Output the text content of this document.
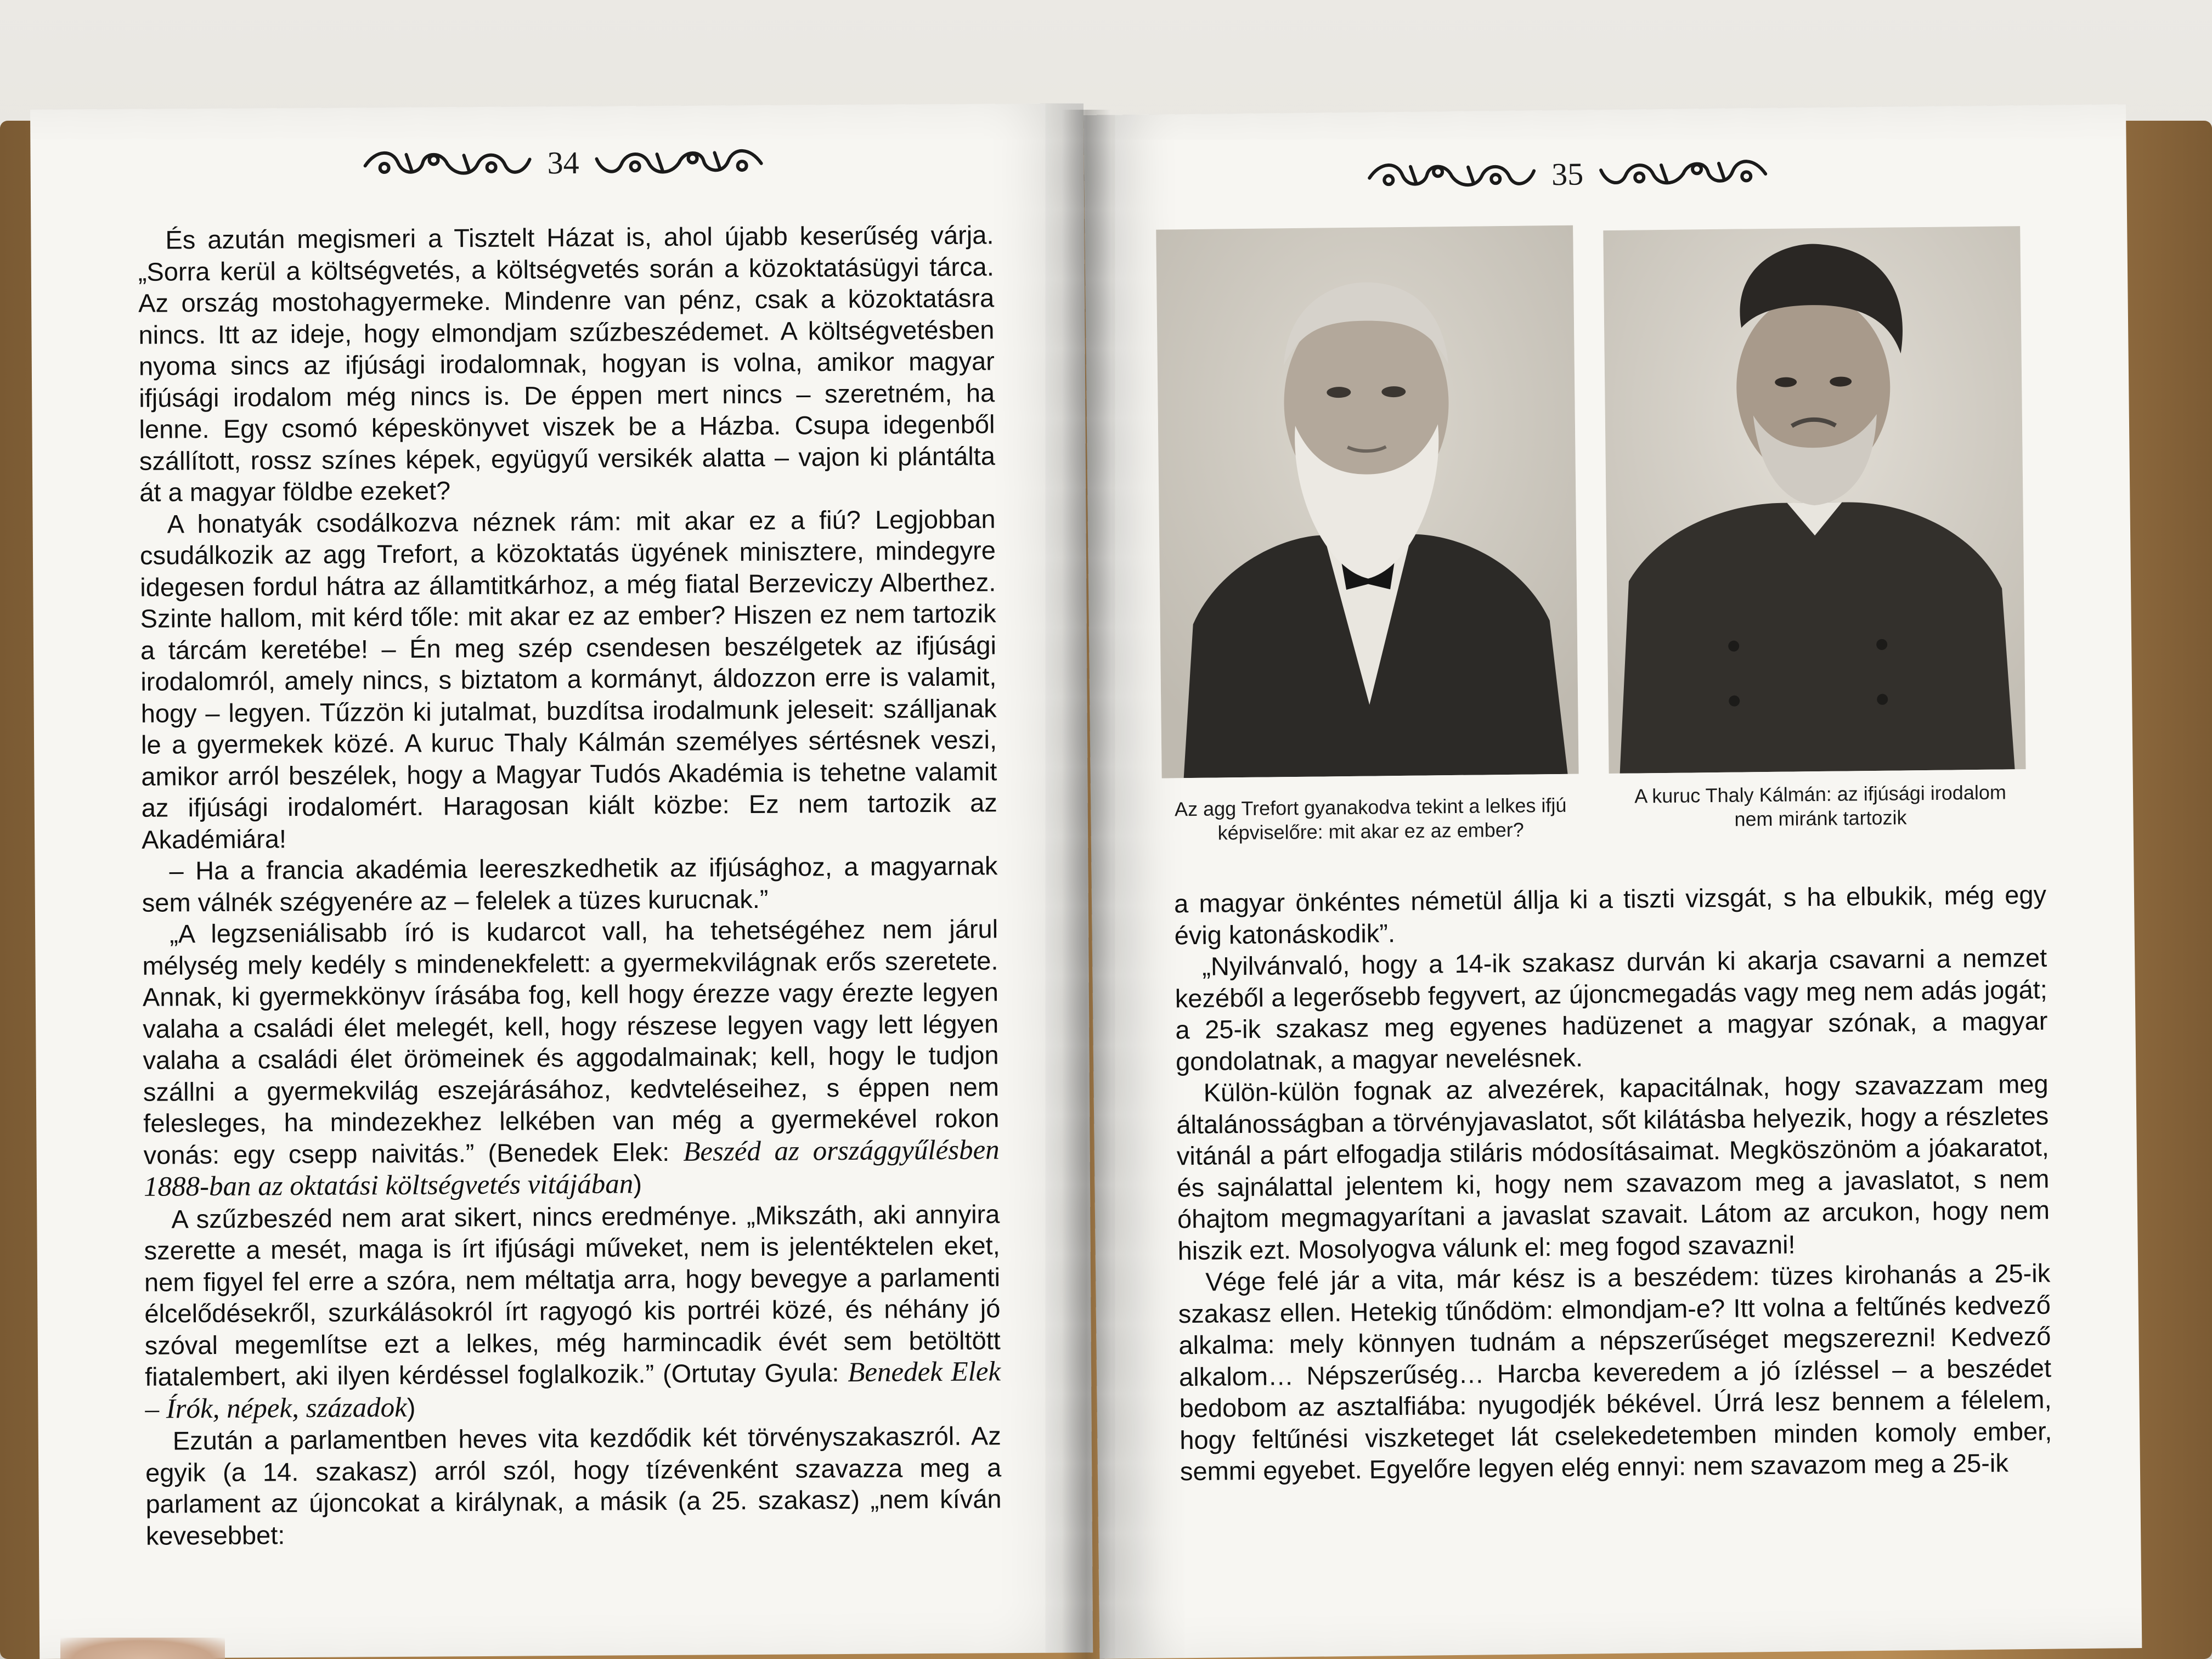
34

És azután megismeri a Tisztelt Házat is, ahol újabb keserűség várja. „Sorra kerül a költségvetés, a költségvetés során a közoktatásügyi tárca. Az ország mostohagyermeke. Mindenre van pénz, csak a közoktatásra nincs. Itt az ideje, hogy elmondjam szűzbeszédemet. A költségvetésben nyoma sincs az ifjúsági irodalomnak, hogyan is volna, amikor magyar ifjúsági irodalom még nincs is. De éppen mert nincs – szeretném, ha lenne. Egy csomó képeskönyvet viszek be a Házba. Csupa idegenből szállított, rossz színes képek, együgyű versikék alatta – vajon ki plántálta át a magyar földbe ezeket?

A honatyák csodálkozva néznek rám: mit akar ez a fiú? Legjobban csudálkozik az agg Trefort, a közoktatás ügyének minisztere, mindegyre idegesen fordul hátra az államtitkárhoz, a még fiatal Berzeviczy Alberthez. Szinte hallom, mit kérd tőle: mit akar ez az ember? Hiszen ez nem tartozik a tárcám keretébe! – Én meg szép csendesen beszélgetek az ifjúsági irodalomról, amely nincs, s biztatom a kormányt, áldozzon erre is valamit, hogy – legyen. Tűzzön ki jutalmat, buzdítsa irodalmunk jeleseit: szálljanak le a gyermekek közé. A kuruc Thaly Kálmán személyes sértésnek veszi, amikor arról beszélek, hogy a Magyar Tudós Akadémia is tehetne valamit az ifjúsági irodalomért. Haragosan kiált közbe: Ez nem tartozik az Akadémiára!

– Ha a francia akadémia leereszkedhetik az ifjúsághoz, a magyarnak sem válnék szégyenére az – felelek a tüzes kurucnak.”

„A legzseniálisabb író is kudarcot vall, ha tehetségéhez nem járul mélység mely kedély s mindenekfelett: a gyermekvilágnak erős szeretete. Annak, ki gyermekkönyv írásába fog, kell hogy érezze vagy érezte legyen valaha a családi élet melegét, kell, hogy részese legyen vagy lett légyen valaha a családi élet örömeinek és aggodalmainak; kell, hogy le tudjon szállni a gyermekvilág eszejárásához, kedvteléseihez, s éppen nem felesleges, ha mindezekhez lelkében van még a gyermekével rokon vonás: egy csepp naivitás.” (Benedek Elek: Beszéd az országgyűlésben 1888-ban az oktatási költségvetés vitájában)

A szűzbeszéd nem arat sikert, nincs eredménye. „Mikszáth, aki annyira szerette a mesét, maga is írt ifjúsági műveket, nem is jelentéktelen eket, nem figyel fel erre a szóra, nem méltatja arra, hogy bevegye a parlamenti élcelődésekről, szurkálásokról írt ragyogó kis portréi közé, és néhány jó szóval megemlítse ezt a lelkes, még harmincadik évét sem betöltött fiatalembert, aki ilyen kérdéssel foglalkozik.” (Ortutay Gyula: Benedek Elek – Írók, népek, századok)

Ezután a parlamentben heves vita kezdődik két törvényszakaszról. Az egyik (a 14. szakasz) arról szól, hogy tízévenként szavazza meg a parlament az újoncokat a királynak, a másik (a 25. szakasz) „nem kíván kevesebbet:

35
Az agg Trefort gyanakodva tekint a lelkes ifjú képviselőre: mit akar ez az ember?
A kuruc Thaly Kálmán: az ifjúsági irodalom nem miránk tartozik

a magyar önkéntes németül állja ki a tiszti vizsgát, s ha elbukik, még egy évig katonáskodik”.

„Nyilvánvaló, hogy a 14-ik szakasz durván ki akarja csavarni a nemzet kezéből a legerősebb fegyvert, az újoncmegadás vagy meg nem adás jogát; a 25-ik szakasz meg egyenes hadüzenet a magyar szónak, a magyar gondolatnak, a magyar nevelésnek.

Külön-külön fognak az alvezérek, kapacitálnak, hogy szavazzam meg általánosságban a törvényjavaslatot, sőt kilátásba helyezik, hogy a részletes vitánál a párt elfogadja stiláris módosításaimat. Megköszönöm a jóakaratot, és sajnálattal jelentem ki, hogy nem szavazom meg a javaslatot, s nem óhajtom megmagyarítani a javaslat szavait. Látom az arcukon, hogy nem hiszik ezt. Mosolyogva válunk el: meg fogod szavazni!

Vége felé jár a vita, már kész is a beszédem: tüzes kirohanás a 25-ik szakasz ellen. Hetekig tűnődöm: elmondjam-e? Itt volna a feltűnés kedvező alkalma: mely könnyen tudnám a népszerűséget megszerezni! Kedvező alkalom… Népszerűség… Harcba keveredem a jó ízléssel – a beszédet bedobom az asztalfiába: nyugodjék békével. Úrrá lesz bennem a félelem, hogy feltűnési viszketeget lát cselekedetemben minden komoly ember, semmi egyebet. Egyelőre legyen elég ennyi: nem szavazom meg a 25-ik
